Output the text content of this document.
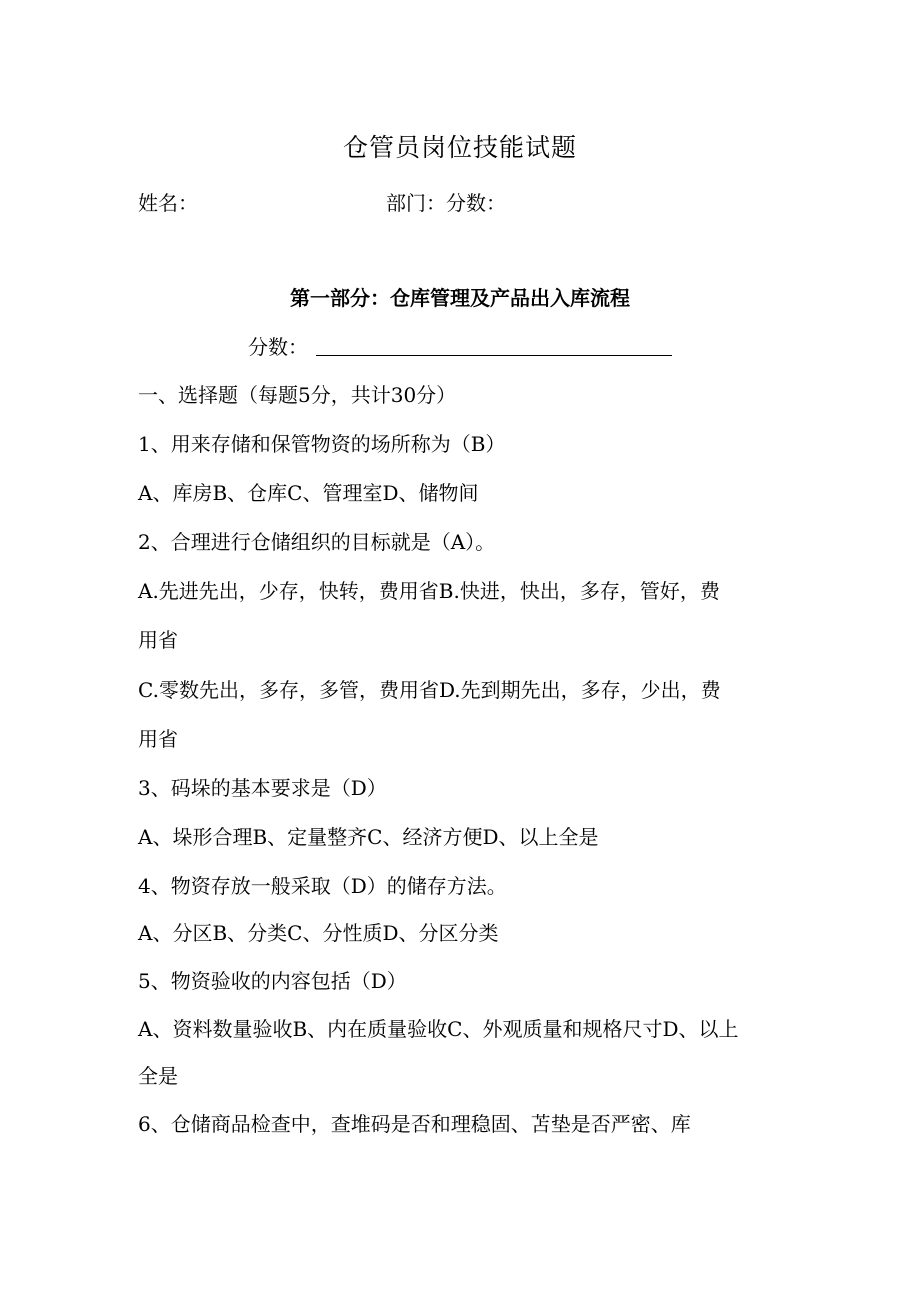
仓管员岗位技能试题
姓名：	部门：分数：
第一部分：仓库管理及产品出入库流程
分数：
一、选择题（每题5分，共计30分）
1、用来存储和保管物资的场所称为（B）
A、库房B、仓库C、管理室D、储物间
2、合理进行仓储组织的目标就是（A）。
A.先进先出，少存，快转，费用省B.快进，快出，多存，管好，费
用省
C.零数先出，多存，多管，费用省D.先到期先出，多存，少出，费
用省
3、码垛的基本要求是（D）
A、垛形合理B、定量整齐C、经济方便D、以上全是
4、物资存放一般采取（D）的储存方法。
A、分区B、分类C、分性质D、分区分类
5、物资验收的内容包括（D）
A、资料数量验收B、内在质量验收C、外观质量和规格尺寸D、以上
全是
6、仓储商品检查中，查堆码是否和理稳固、苫垫是否严密、库
